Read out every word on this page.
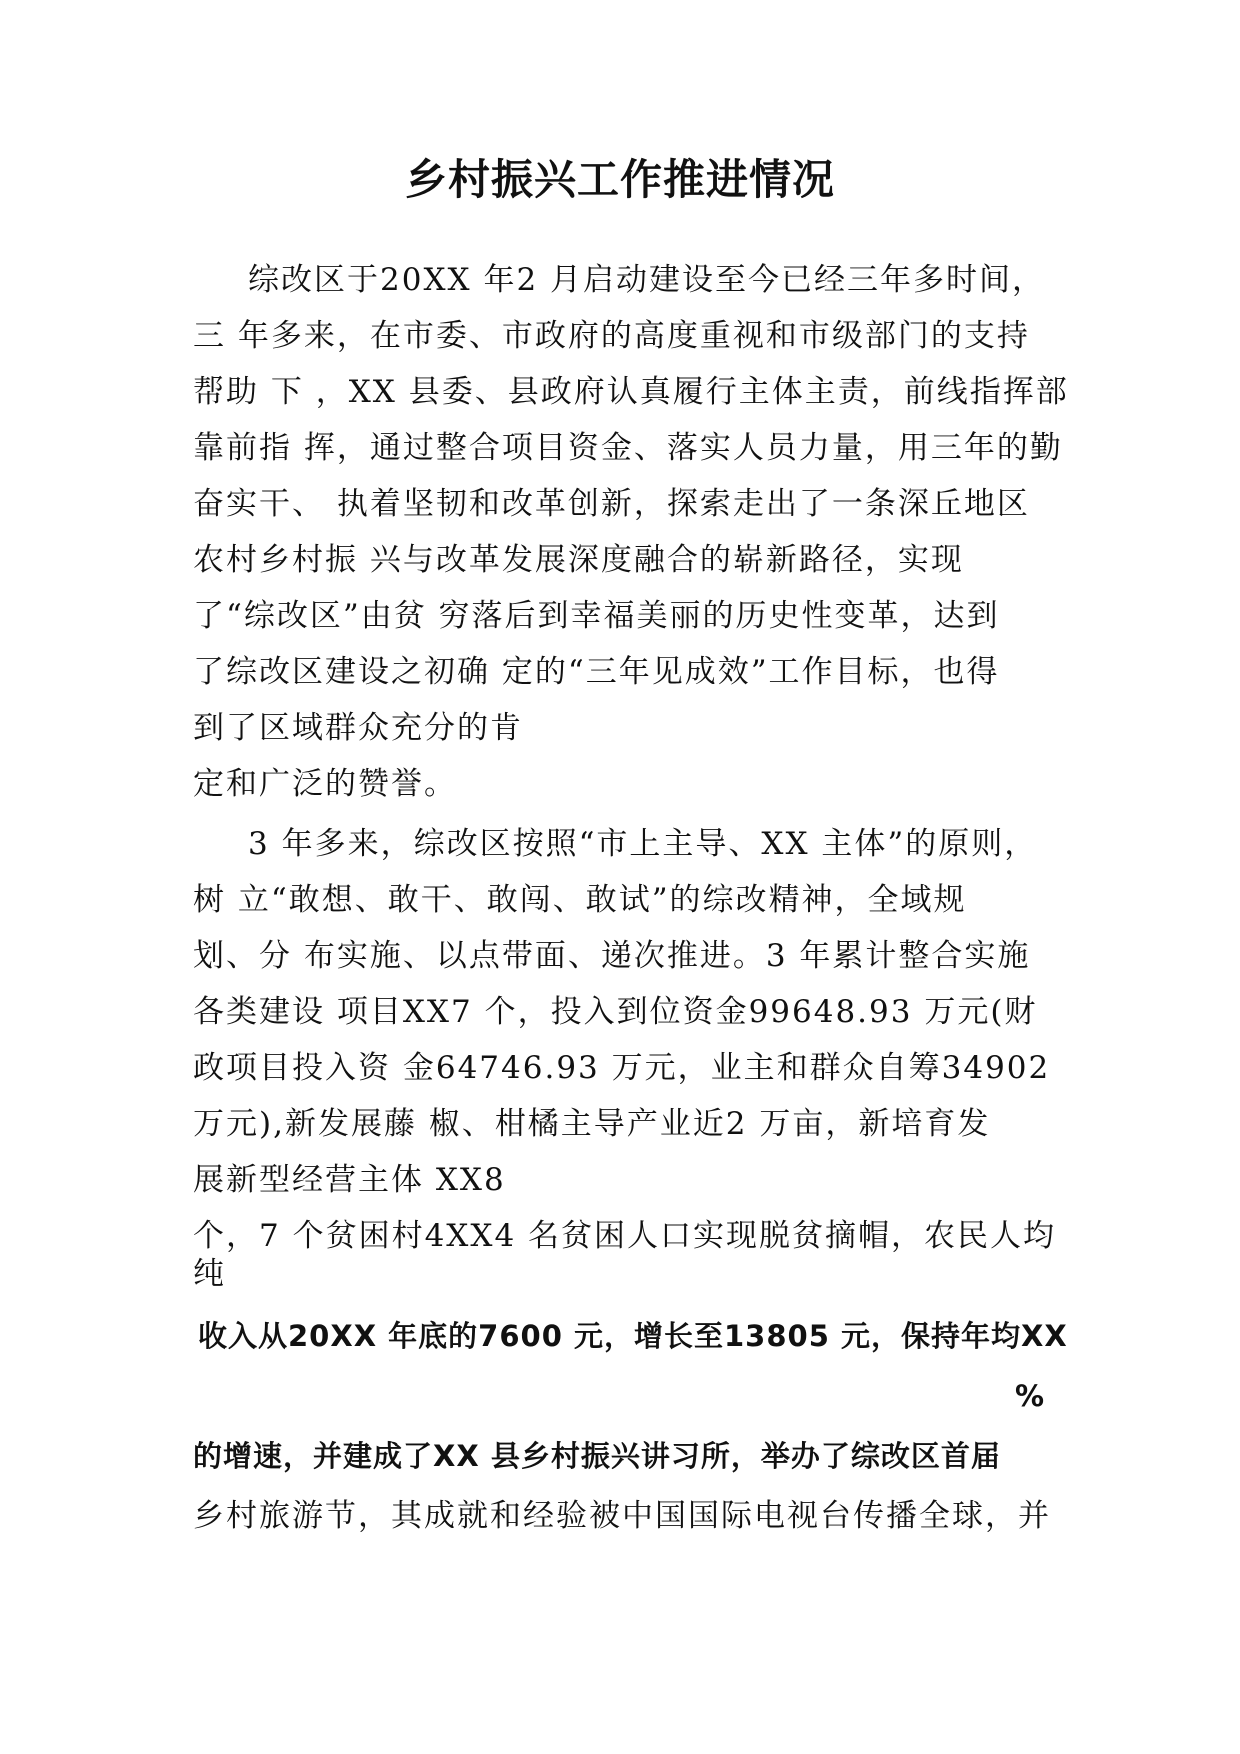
乡村振兴工作推进情况

综改区于20XX 年2 月启动建设至今已经三年多时间，

三 年多来，在市委、市政府的高度重视和市级部门的支持

帮助 下 ，XX 县委、县政府认真履行主体主责，前线指挥部

靠前指 挥，通过整合项目资金、落实人员力量，用三年的勤

奋实干、 执着坚韧和改革创新，探索走出了一条深丘地区

农村乡村振 兴与改革发展深度融合的崭新路径，实现

了“综改区”由贫 穷落后到幸福美丽的历史性变革，达到

了综改区建设之初确 定的“三年见成效”工作目标，也得

到了区域群众充分的肯

定和广泛的赞誉。

3 年多来，综改区按照“市上主导、XX 主体”的原则，

树 立“敢想、敢干、敢闯、敢试”的综改精神，全域规

划、分 布实施、以点带面、递次推进。3 年累计整合实施

各类建设 项目XX7 个，投入到位资金99648.93 万元(财

政项目投入资 金64746.93 万元，业主和群众自筹34902

万元),新发展藤 椒、柑橘主导产业近2 万亩，新培育发

展新型经营主体 XX8

个，7 个贫困村4XX4 名贫困人口实现脱贫摘帽，农民人均

纯

收入从20XX 年底的7600 元，增长至13805 元，保持年均XX

%

的增速，并建成了XX 县乡村振兴讲习所，举办了综改区首届

乡村旅游节，其成就和经验被中国国际电视台传播全球，并
